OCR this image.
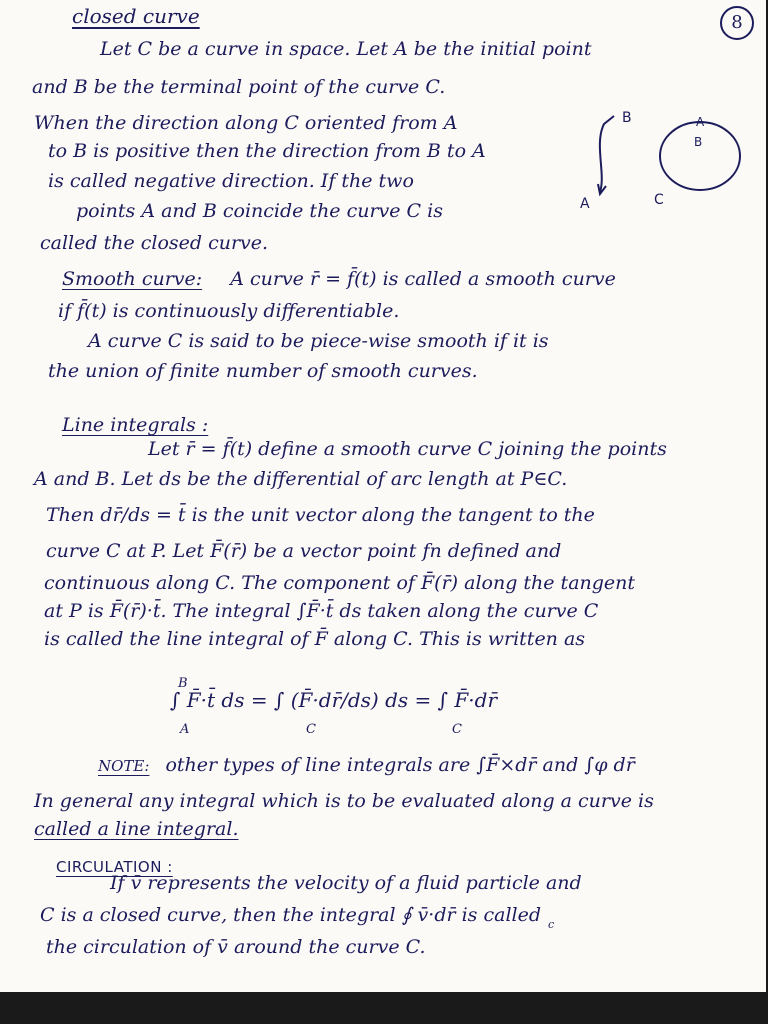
8
closed curve
Let C be a curve in space. Let A be the initial point
and B be the terminal point of the curve C.
When the direction along C oriented from A
to B is positive then the direction from B to A
is called negative direction. If the two
points A and B coincide the curve C is
called the closed curve.
B
A
A
B
C
Smooth curve: A curve r̄ = f̄(t) is called a smooth curve
if f̄(t) is continuously differentiable.
A curve C is said to be piece-wise smooth if it is
the union of finite number of smooth curves.
Line integrals :
Let r̄ = f̄(t) define a smooth curve C joining the points
A and B. Let ds be the differential of arc length at P∈C.
Then dr̄/ds = t̄ is the unit vector along the tangent to the
curve C at P. Let F̄(r̄) be a vector point fn defined and
continuous along C. The component of F̄(r̄) along the tangent
at P is F̄(r̄)·t̄. The integral ∫F̄·t̄ ds taken along the curve C
is called the line integral of F̄ along C. This is written as
B
∫ F̄·t̄ ds = ∫ (F̄·dr̄/ds) ds = ∫ F̄·dr̄
A	C	C
NOTE: other types of line integrals are ∫F̄×dr̄ and ∫φ dr̄
In general any integral which is to be evaluated along a curve is
called a line integral.
CIRCULATION :
If v̄ represents the velocity of a fluid particle and
C is a closed curve, then the integral ∮ v̄·dr̄ is called c
the circulation of v̄ around the curve C.
